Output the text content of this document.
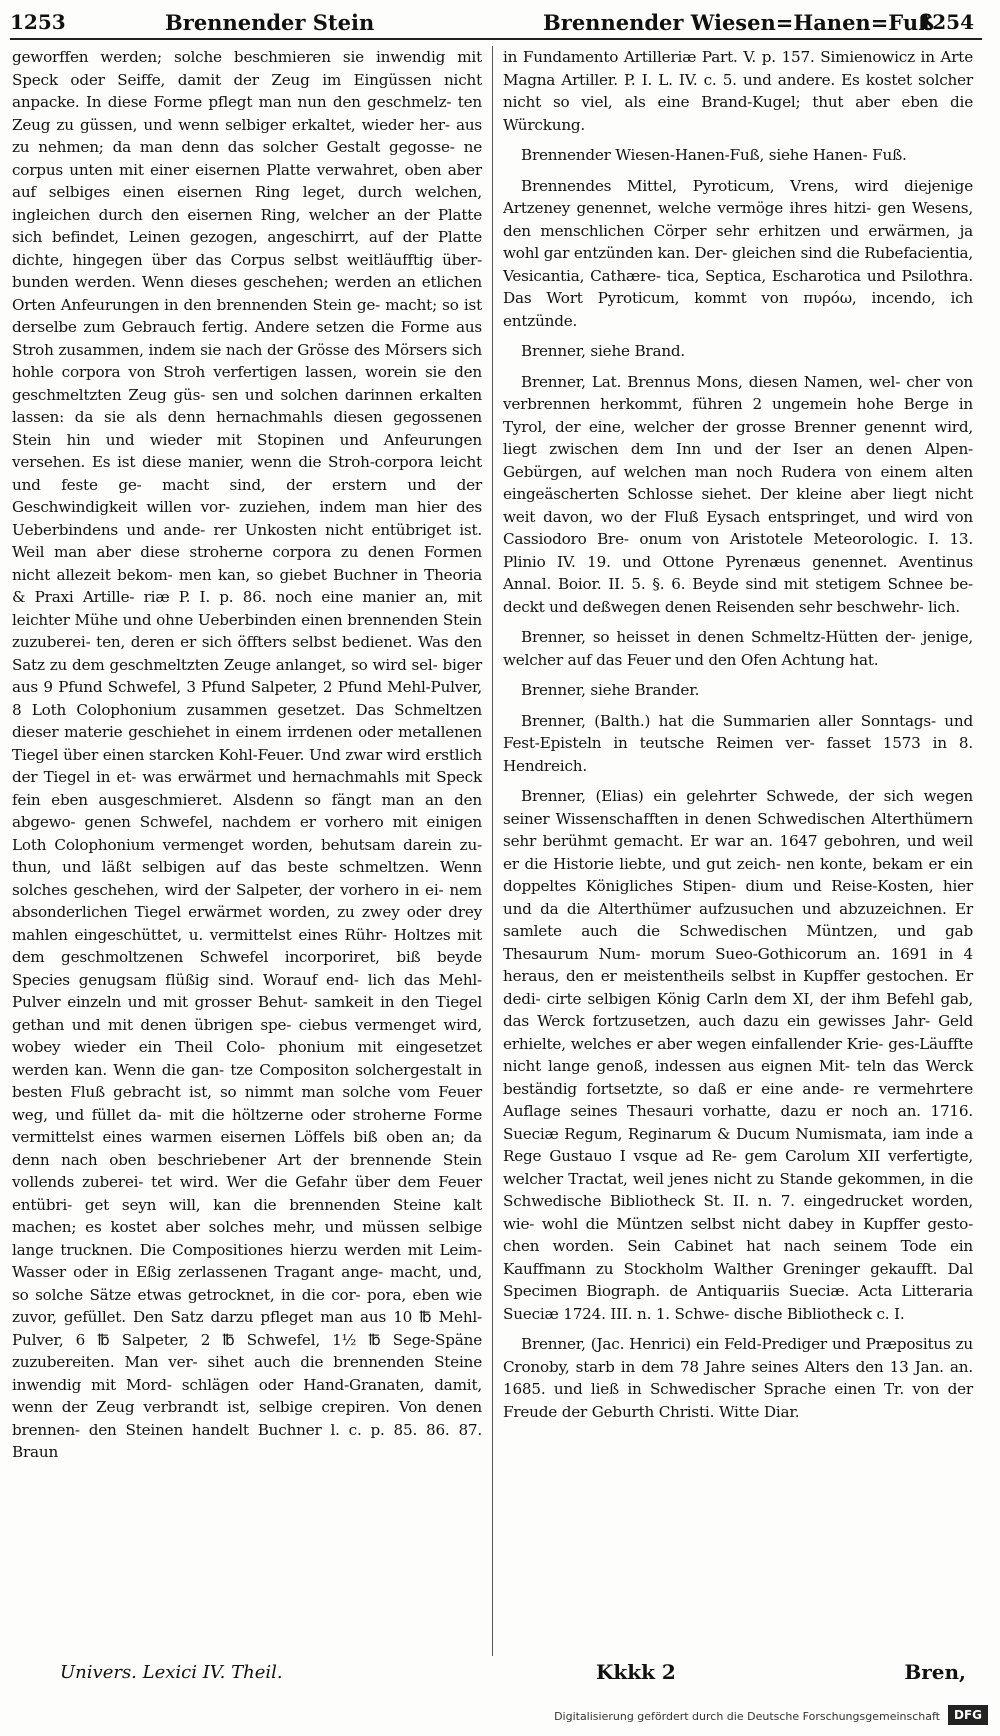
1253	Brennender Stein	Brennender Wiesen=Hanen=Fuß
1254

geworffen werden; solche beschmieren sie inwendig mit Speck oder Seiffe, damit der Zeug im Eingüssen nicht anpacke. In diese Forme pflegt man nun den geschmelz- ten Zeug zu güssen, und wenn selbiger erkaltet, wieder her- aus zu nehmen; da man denn das solcher Gestalt gegosse- ne corpus unten mit einer eisernen Platte verwahret, oben aber auf selbiges einen eisernen Ring leget, durch welchen, ingleichen durch den eisernen Ring, welcher an der Platte sich befindet, Leinen gezogen, angeschirrt, auf der Platte dichte, hingegen über das Corpus selbst weitläufftig über- bunden werden. Wenn dieses geschehen; werden an etlichen Orten Anfeurungen in den brennenden Stein ge- macht; so ist derselbe zum Gebrauch fertig. Andere setzen die Forme aus Stroh zusammen, indem sie nach der Grösse des Mörsers sich hohle corpora von Stroh verfertigen lassen, worein sie den geschmeltzten Zeug güs- sen und solchen darinnen erkalten lassen: da sie als denn hernachmahls diesen gegossenen Stein hin und wieder mit Stopinen und Anfeurungen versehen. Es ist diese manier, wenn die Stroh-corpora leicht und feste ge- macht sind, der erstern und der Geschwindigkeit willen vor- zuziehen, indem man hier des Ueberbindens und ande- rer Unkosten nicht entübriget ist. Weil man aber diese stroherne corpora zu denen Formen nicht allezeit bekom- men kan, so giebet Buchner in Theoria & Praxi Artille- riæ P. I. p. 86. noch eine manier an, mit leichter Mühe und ohne Ueberbinden einen brennenden Stein zuzuberei- ten, deren er sich öffters selbst bedienet. Was den Satz zu dem geschmeltzten Zeuge anlanget, so wird sel- biger aus 9 Pfund Schwefel, 3 Pfund Salpeter, 2 Pfund Mehl-Pulver, 8 Loth Colophonium zusammen gesetzet. Das Schmeltzen dieser materie geschiehet in einem irrdenen oder metallenen Tiegel über einen starcken Kohl-Feuer. Und zwar wird erstlich der Tiegel in et- was erwärmet und hernachmahls mit Speck fein eben ausgeschmieret. Alsdenn so fängt man an den abgewo- genen Schwefel, nachdem er vorhero mit einigen Loth Colophonium vermenget worden, behutsam darein zu- thun, und läßt selbigen auf das beste schmeltzen. Wenn solches geschehen, wird der Salpeter, der vorhero in ei- nem absonderlichen Tiegel erwärmet worden, zu zwey oder drey mahlen eingeschüttet, u. vermittelst eines Rühr- Holtzes mit dem geschmoltzenen Schwefel incorporiret, biß beyde Species genugsam flüßig sind. Worauf end- lich das Mehl-Pulver einzeln und mit grosser Behut- samkeit in den Tiegel gethan und mit denen übrigen spe- ciebus vermenget wird, wobey wieder ein Theil Colo- phonium mit eingesetzet werden kan. Wenn die gan- tze Compositon solchergestalt in besten Fluß gebracht ist, so nimmt man solche vom Feuer weg, und füllet da- mit die höltzerne oder stroherne Forme vermittelst eines warmen eisernen Löffels biß oben an; da denn nach oben beschriebener Art der brennende Stein vollends zuberei- tet wird. Wer die Gefahr über dem Feuer entübri- get seyn will, kan die brennenden Steine kalt machen; es kostet aber solches mehr, und müssen selbige lange trucknen. Die Compositiones hierzu werden mit Leim-Wasser oder in Eßig zerlassenen Tragant ange- macht, und, so solche Sätze etwas getrocknet, in die cor- pora, eben wie zuvor, gefüllet. Den Satz darzu pfleget man aus 10 ℔ Mehl-Pulver, 6 ℔ Salpeter, 2 ℔ Schwefel, 1½ ℔ Sege-Späne zuzubereiten. Man ver- sihet auch die brennenden Steine inwendig mit Mord- schlägen oder Hand-Granaten, damit, wenn der Zeug verbrandt ist, selbige crepiren. Von denen brennen- den Steinen handelt Buchner l. c. p. 85. 86. 87. Braun

in Fundamento Artilleriæ Part. V. p. 157. Simienowicz in Arte Magna Artiller. P. I. L. IV. c. 5. und andere. Es kostet solcher nicht so viel, als eine Brand-Kugel; thut aber eben die Würckung.

Brennender Wiesen-Hanen-Fuß, siehe Hanen- Fuß.

Brennendes Mittel, Pyroticum, Vrens, wird diejenige Artzeney genennet, welche vermöge ihres hitzi- gen Wesens, den menschlichen Cörper sehr erhitzen und erwärmen, ja wohl gar entzünden kan. Der- gleichen sind die Rubefacientia, Vesicantia, Cathære- tica, Septica, Escharotica und Psilothra. Das Wort Pyroticum, kommt von πυρόω, incendo, ich entzünde.

Brenner, siehe Brand.

Brenner, Lat. Brennus Mons, diesen Namen, wel- cher von verbrennen herkommt, führen 2 ungemein hohe Berge in Tyrol, der eine, welcher der grosse Brenner genennt wird, liegt zwischen dem Inn und der Iser an denen Alpen-Gebürgen, auf welchen man noch Rudera von einem alten eingeäscherten Schlosse siehet. Der kleine aber liegt nicht weit davon, wo der Fluß Eysach entspringet, und wird von Cassiodoro Bre- onum von Aristotele Meteorologic. I. 13. Plinio IV. 19. und Ottone Pyrenæus genennet. Aventinus Annal. Boior. II. 5. §. 6. Beyde sind mit stetigem Schnee be- deckt und deßwegen denen Reisenden sehr beschwehr- lich.

Brenner, so heisset in denen Schmeltz-Hütten der- jenige, welcher auf das Feuer und den Ofen Achtung hat.

Brenner, siehe Brander.

Brenner, (Balth.) hat die Summarien aller Sonntags- und Fest-Episteln in teutsche Reimen ver- fasset 1573 in 8. Hendreich.

Brenner, (Elias) ein gelehrter Schwede, der sich wegen seiner Wissenschafften in denen Schwedischen Alterthümern sehr berühmt gemacht. Er war an. 1647 gebohren, und weil er die Historie liebte, und gut zeich- nen konte, bekam er ein doppeltes Königliches Stipen- dium und Reise-Kosten, hier und da die Alterthümer aufzusuchen und abzuzeichnen. Er samlete auch die Schwedischen Müntzen, und gab Thesaurum Num- morum Sueo-Gothicorum an. 1691 in 4 heraus, den er meistentheils selbst in Kupffer gestochen. Er dedi- cirte selbigen König Carln dem XI, der ihm Befehl gab, das Werck fortzusetzen, auch dazu ein gewisses Jahr- Geld erhielte, welches er aber wegen einfallender Krie- ges-Läuffte nicht lange genoß, indessen aus eignen Mit- teln das Werck beständig fortsetzte, so daß er eine ande- re vermehrtere Auflage seines Thesauri vorhatte, dazu er noch an. 1716. Sueciæ Regum, Reginarum & Ducum Numismata, iam inde a Rege Gustauo I vsque ad Re- gem Carolum XII verfertigte, welcher Tractat, weil jenes nicht zu Stande gekommen, in die Schwedische Bibliotheck St. II. n. 7. eingedrucket worden, wie- wohl die Müntzen selbst nicht dabey in Kupffer gesto- chen worden. Sein Cabinet hat nach seinem Tode ein Kauffmann zu Stockholm Walther Greninger gekaufft. Dal Specimen Biograph. de Antiquariis Sueciæ. Acta Litteraria Sueciæ 1724. III. n. 1. Schwe- dische Bibliotheck c. I.

Brenner, (Jac. Henrici) ein Feld-Prediger und Præpositus zu Cronoby, starb in dem 78 Jahre seines Alters den 13 Jan. an. 1685. und ließ in Schwedischer Sprache einen Tr. von der Freude der Geburth Christi. Witte Diar.

Univers. Lexici IV. Theil.	Kkkk 2	Bren,
Digitalisierung gefördert durch die Deutsche Forschungsgemeinschaft	DFG
